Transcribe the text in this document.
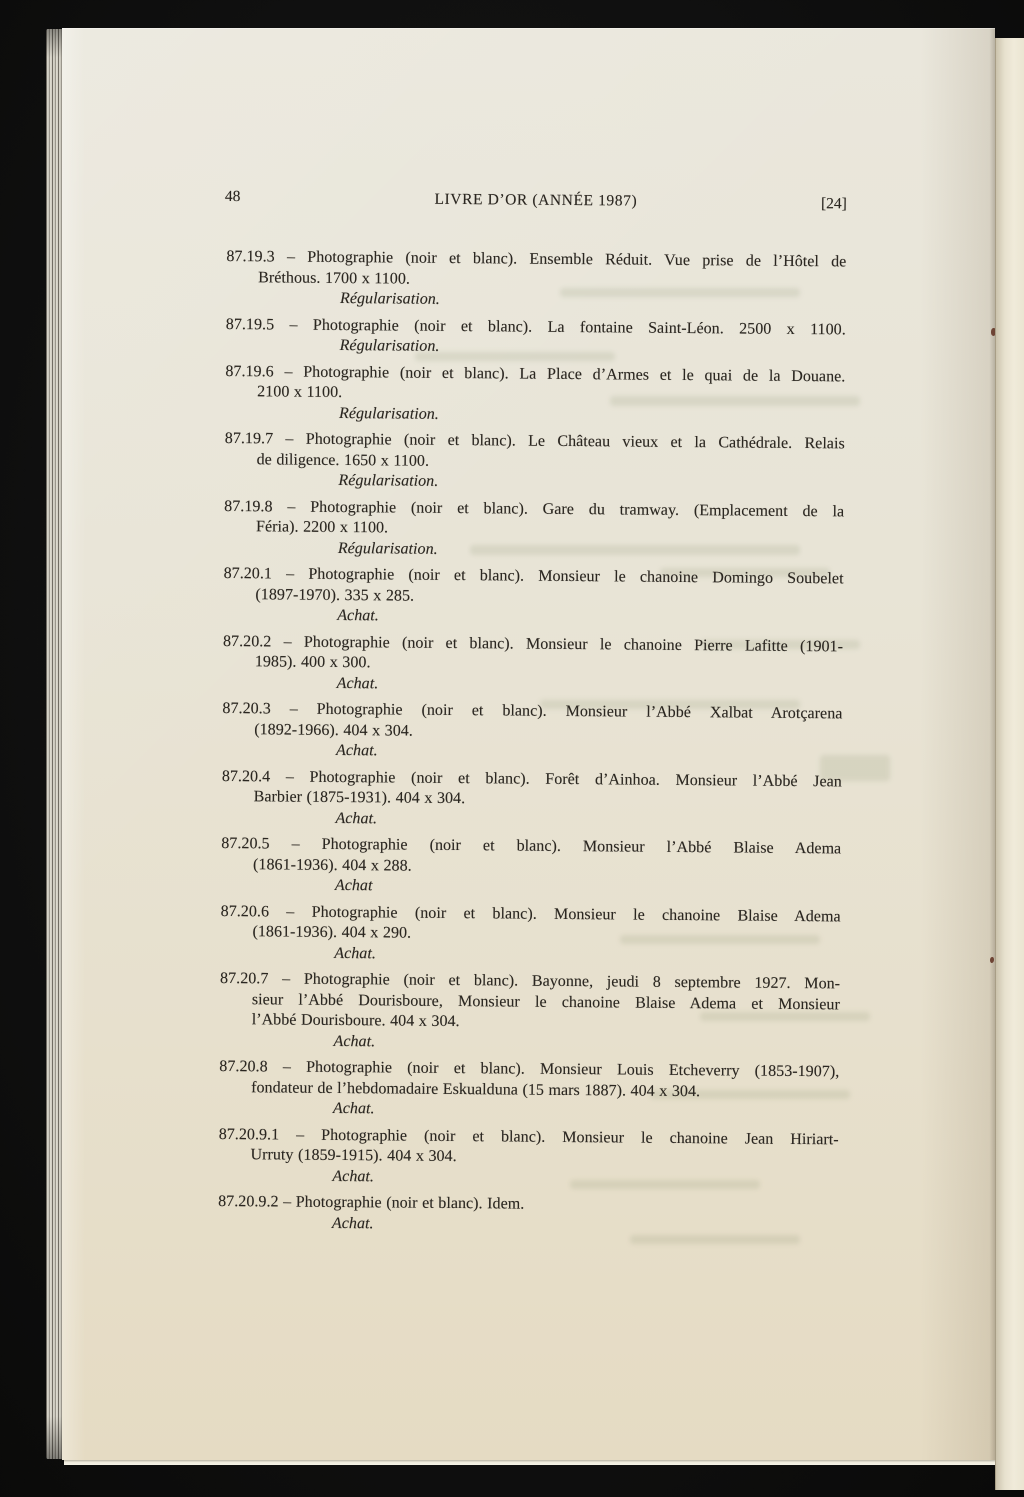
48	LIVRE D’OR (ANNÉE 1987)	[24]
87.19.3 – Photographie (noir et blanc). Ensemble Réduit. Vue prise de l’Hôtel de
Bréthous. 1700 x 1100.
Régularisation.
87.19.5 – Photographie (noir et blanc). La fontaine Saint-Léon. 2500 x 1100.
Régularisation.
87.19.6 – Photographie (noir et blanc). La Place d’Armes et le quai de la Douane.
2100 x 1100.
Régularisation.
87.19.7 – Photographie (noir et blanc). Le Château vieux et la Cathédrale. Relais
de diligence. 1650 x 1100.
Régularisation.
87.19.8 – Photographie (noir et blanc). Gare du tramway. (Emplacement de la
Féria). 2200 x 1100.
Régularisation.
87.20.1 – Photographie (noir et blanc). Monsieur le chanoine Domingo Soubelet
(1897-1970). 335 x 285.
Achat.
87.20.2 – Photographie (noir et blanc). Monsieur le chanoine Pierre Lafitte (1901-
1985). 400 x 300.
Achat.
87.20.3 – Photographie (noir et blanc). Monsieur l’Abbé Xalbat Arotçarena
(1892-1966). 404 x 304.
Achat.
87.20.4 – Photographie (noir et blanc). Forêt d’Ainhoa. Monsieur l’Abbé Jean
Barbier (1875-1931). 404 x 304.
Achat.
87.20.5 – Photographie (noir et blanc). Monsieur l’Abbé Blaise Adema
(1861-1936). 404 x 288.
Achat
87.20.6 – Photographie (noir et blanc). Monsieur le chanoine Blaise Adema
(1861-1936). 404 x 290.
Achat.
87.20.7 – Photographie (noir et blanc). Bayonne, jeudi 8 septembre 1927. Mon-
sieur l’Abbé Dourisboure, Monsieur le chanoine Blaise Adema et Monsieur
l’Abbé Dourisboure. 404 x 304.
Achat.
87.20.8 – Photographie (noir et blanc). Monsieur Louis Etcheverry (1853-1907),
fondateur de l’hebdomadaire Eskualduna (15 mars 1887). 404 x 304.
Achat.
87.20.9.1 – Photographie (noir et blanc). Monsieur le chanoine Jean Hiriart-
Urruty (1859-1915). 404 x 304.
Achat.
87.20.9.2 – Photographie (noir et blanc). Idem.
Achat.
